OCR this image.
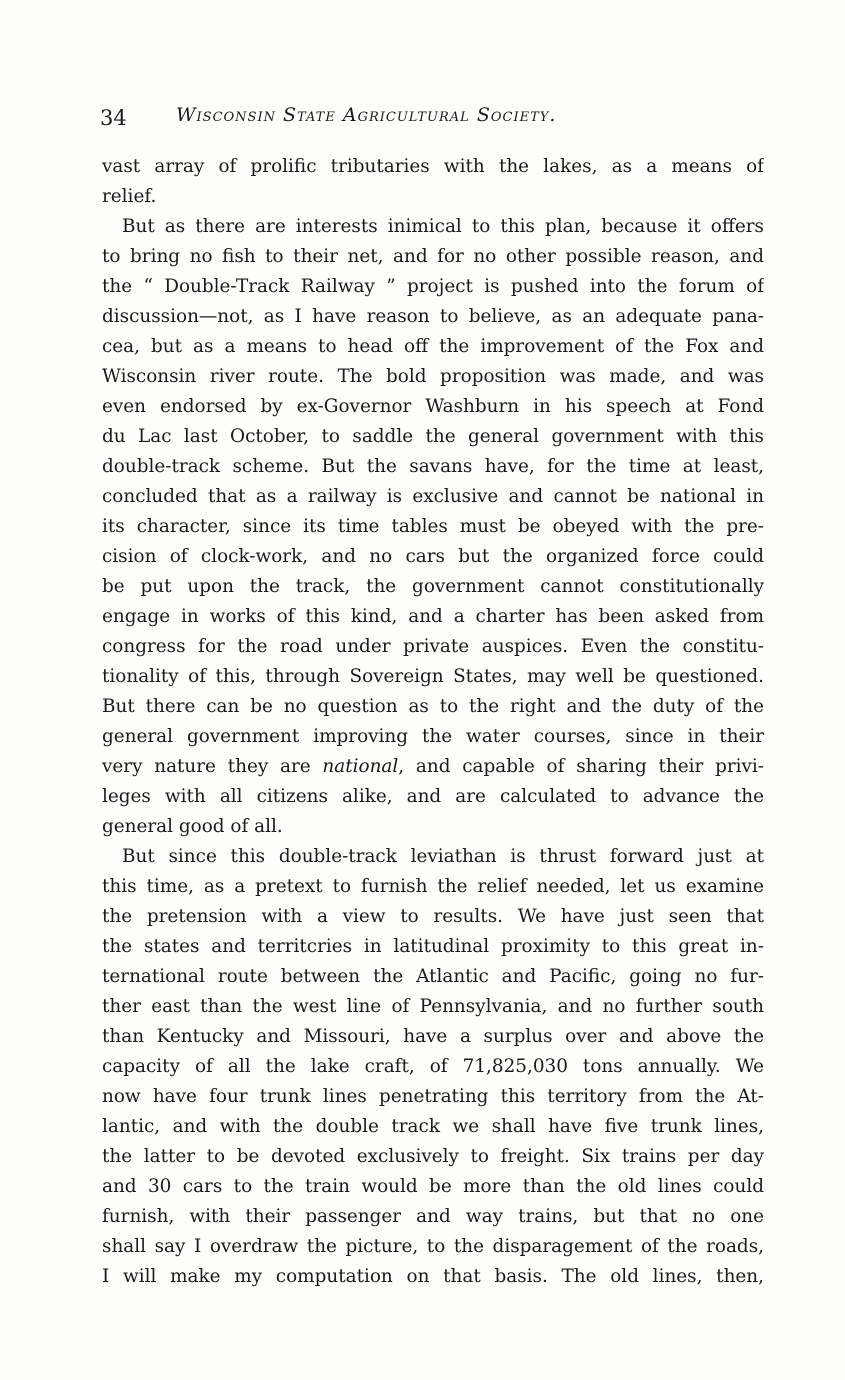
34	Wisconsin State Agricultural Society.
vast array of prolific tributaries with the lakes, as a means of
relief.
But as there are interests inimical to this plan, because it offers
to bring no fish to their net, and for no other possible reason, and
the “ Double-Track Railway ” project is pushed into the forum of
discussion—not, as I have reason to believe, as an adequate pana-
cea, but as a means to head off the improvement of the Fox and
Wisconsin river route. The bold proposition was made, and was
even endorsed by ex-Governor Washburn in his speech at Fond
du Lac last October, to saddle the general government with this
double-track scheme. But the savans have, for the time at least,
concluded that as a railway is exclusive and cannot be national in
its character, since its time tables must be obeyed with the pre-
cision of clock-work, and no cars but the organized force could
be put upon the track, the government cannot constitutionally
engage in works of this kind, and a charter has been asked from
congress for the road under private auspices. Even the constitu-
tionality of this, through Sovereign States, may well be questioned.
But there can be no question as to the right and the duty of the
general government improving the water courses, since in their
very nature they are national, and capable of sharing their privi-
leges with all citizens alike, and are calculated to advance the
general good of all.
But since this double-track leviathan is thrust forward just at
this time, as a pretext to furnish the relief needed, let us examine
the pretension with a view to results. We have just seen that
the states and territcries in latitudinal proximity to this great in-
ternational route between the Atlantic and Pacific, going no fur-
ther east than the west line of Pennsylvania, and no further south
than Kentucky and Missouri, have a surplus over and above the
capacity of all the lake craft, of 71,825,030 tons annually. We
now have four trunk lines penetrating this territory from the At-
lantic, and with the double track we shall have five trunk lines,
the latter to be devoted exclusively to freight. Six trains per day
and 30 cars to the train would be more than the old lines could
furnish, with their passenger and way trains, but that no one
shall say I overdraw the picture, to the disparagement of the roads,
I will make my computation on that basis. The old lines, then,
